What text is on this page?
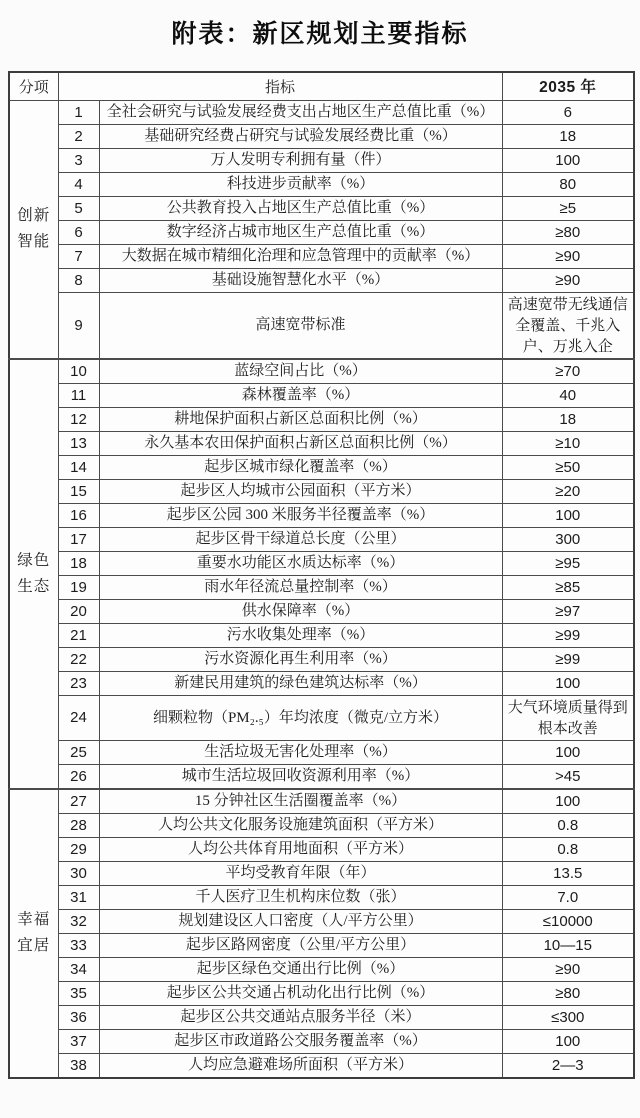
附表：新区规划主要指标
分项	指标		2035 年
创新智能	1	全社会研究与试验发展经费支出占地区生产总值比重（%）	6
	2	基础研究经费占研究与试验发展经费比重（%）	18
	3	万人发明专利拥有量（件）	100
	4	科技进步贡献率（%）	80
	5	公共教育投入占地区生产总值比重（%）	≥5
	6	数字经济占城市地区生产总值比重（%）	≥80
	7	大数据在城市精细化治理和应急管理中的贡献率（%）	≥90
	8	基础设施智慧化水平（%）	≥90
	9	高速宽带标准	高速宽带无线通信全覆盖、千兆入户、万兆入企
绿色生态	10	蓝绿空间占比（%）	≥70
	11	森林覆盖率（%）	40
	12	耕地保护面积占新区总面积比例（%）	18
	13	永久基本农田保护面积占新区总面积比例（%）	≥10
	14	起步区城市绿化覆盖率（%）	≥50
	15	起步区人均城市公园面积（平方米）	≥20
	16	起步区公园 300 米服务半径覆盖率（%）	100
	17	起步区骨干绿道总长度（公里）	300
	18	重要水功能区水质达标率（%）	≥95
	19	雨水年径流总量控制率（%）	≥85
	20	供水保障率（%）	≥97
	21	污水收集处理率（%）	≥99
	22	污水资源化再生利用率（%）	≥99
	23	新建民用建筑的绿色建筑达标率（%）	100
	24	细颗粒物（PM₂.₅）年均浓度（微克/立方米）	大气环境质量得到根本改善
	25	生活垃圾无害化处理率（%）	100
	26	城市生活垃圾回收资源利用率（%）	>45
幸福宜居	27	15 分钟社区生活圈覆盖率（%）	100
	28	人均公共文化服务设施建筑面积（平方米）	0.8
	29	人均公共体育用地面积（平方米）	0.8
	30	平均受教育年限（年）	13.5
	31	千人医疗卫生机构床位数（张）	7.0
	32	规划建设区人口密度（人/平方公里）	≤10000
	33	起步区路网密度（公里/平方公里）	10—15
	34	起步区绿色交通出行比例（%）	≥90
	35	起步区公共交通占机动化出行比例（%）	≥80
	36	起步区公共交通站点服务半径（米）	≤300
	37	起步区市政道路公交服务覆盖率（%）	100
	38	人均应急避难场所面积（平方米）	2—3
